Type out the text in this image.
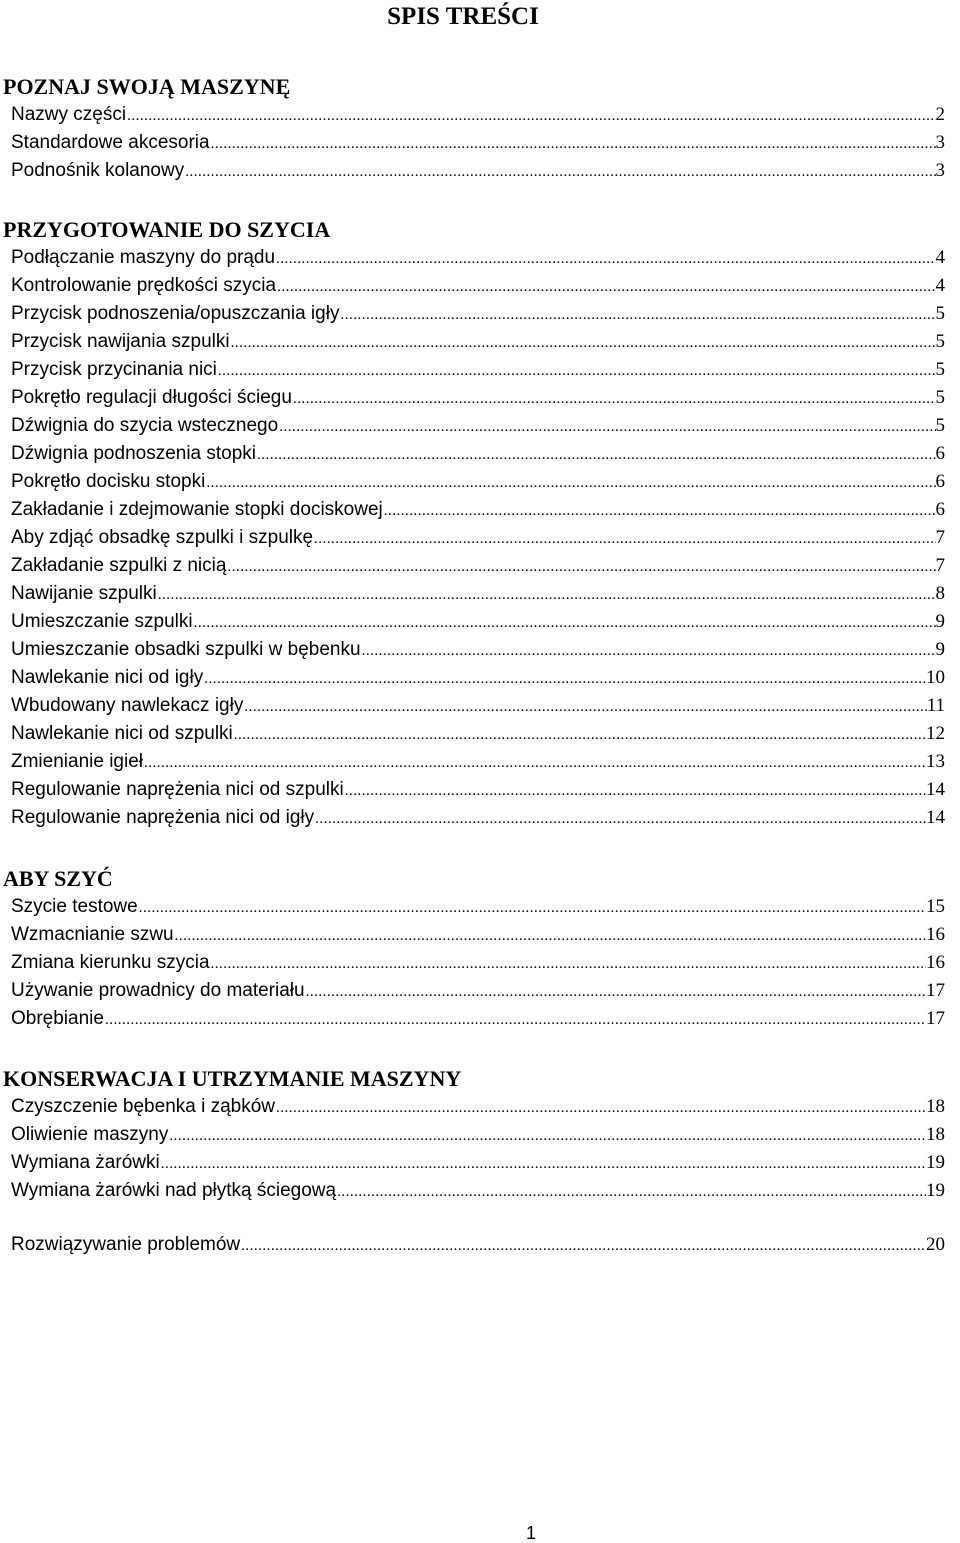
SPIS TREŚCI
POZNAJ SWOJĄ MASZYNĘ
Nazwy części .....	2
Standardowe akcesoria .....	3
Podnośnik kolanowy .....	3
PRZYGOTOWANIE DO SZYCIA
Podłączanie maszyny do prądu .....	4
Kontrolowanie prędkości szycia .....	4
Przycisk podnoszenia/opuszczania igły .....	5
Przycisk nawijania szpulki .....	5
Przycisk przycinania nici .....	5
Pokrętło regulacji długości ściegu .....	5
Dźwignia do szycia wstecznego .....	5
Dźwignia podnoszenia stopki .....	6
Pokrętło docisku stopki .....	6
Zakładanie i zdejmowanie stopki dociskowej .....	6
Aby zdjąć obsadkę szpulki i szpulkę .....	7
Zakładanie szpulki z nicią .....	7
Nawijanie szpulki .....	8
Umieszczanie szpulki .....	9
Umieszczanie obsadki szpulki w bębenku .....	9
Nawlekanie nici od igły .....	10
Wbudowany nawlekacz igły .....	11
Nawlekanie nici od szpulki .....	12
Zmienianie igieł .....	13
Regulowanie naprężenia nici od szpulki .....	14
Regulowanie naprężenia nici od igły .....	14
ABY SZYĆ
Szycie testowe .....	15
Wzmacnianie szwu .....	16
Zmiana kierunku szycia .....	16
Używanie prowadnicy do materiału .....	17
Obrębianie .....	17
KONSERWACJA I UTRZYMANIE MASZYNY
Czyszczenie bębenka i ząbków .....	18
Oliwienie maszyny .....	18
Wymiana żarówki .....	19
Wymiana żarówki nad płytką ściegową .....	19
Rozwiązywanie problemów .....	20
1
